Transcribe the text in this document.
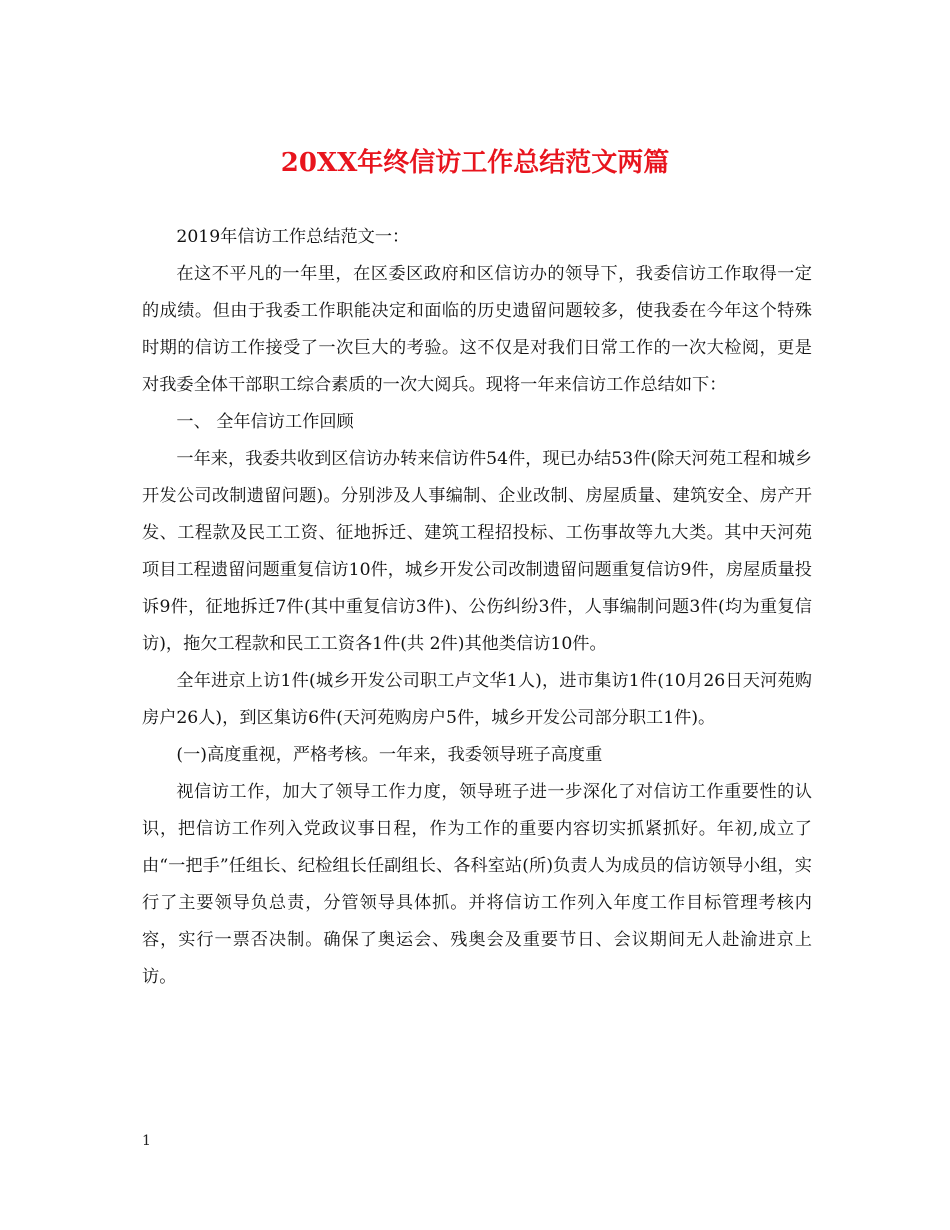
20XX年终信访工作总结范文两篇

2019年信访工作总结范文一：

在这不平凡的一年里，在区委区政府和区信访办的领导下，我委信访工作取得一定的成绩。但由于我委工作职能决定和面临的历史遗留问题较多，使我委在今年这个特殊时期的信访工作接受了一次巨大的考验。这不仅是对我们日常工作的一次大检阅，更是对我委全体干部职工综合素质的一次大阅兵。现将一年来信访工作总结如下：

一、 全年信访工作回顾

一年来，我委共收到区信访办转来信访件54件，现已办结53件(除天河苑工程和城乡开发公司改制遗留问题)。分别涉及人事编制、企业改制、房屋质量、建筑安全、房产开发、工程款及民工工资、征地拆迁、建筑工程招投标、工伤事故等九大类。其中天河苑项目工程遗留问题重复信访10件，城乡开发公司改制遗留问题重复信访9件，房屋质量投诉9件，征地拆迁7件(其中重复信访3件)、公伤纠纷3件，人事编制问题3件(均为重复信访)，拖欠工程款和民工工资各1件(共 2件)其他类信访10件。

全年进京上访1件(城乡开发公司职工卢文华1人)，进市集访1件(10月26日天河苑购房户26人)，到区集访6件(天河苑购房户5件，城乡开发公司部分职工1件)。

(一)高度重视，严格考核。一年来，我委领导班子高度重

视信访工作，加大了领导工作力度，领导班子进一步深化了对信访工作重要性的认识，把信访工作列入党政议事日程，作为工作的重要内容切实抓紧抓好。年初,成立了由“一把手”任组长、纪检组长任副组长、各科室站(所)负责人为成员的信访领导小组，实行了主要领导负总责，分管领导具体抓。并将信访工作列入年度工作目标管理考核内容，实行一票否决制。确保了奥运会、残奥会及重要节日、会议期间无人赴渝进京上访。

1
